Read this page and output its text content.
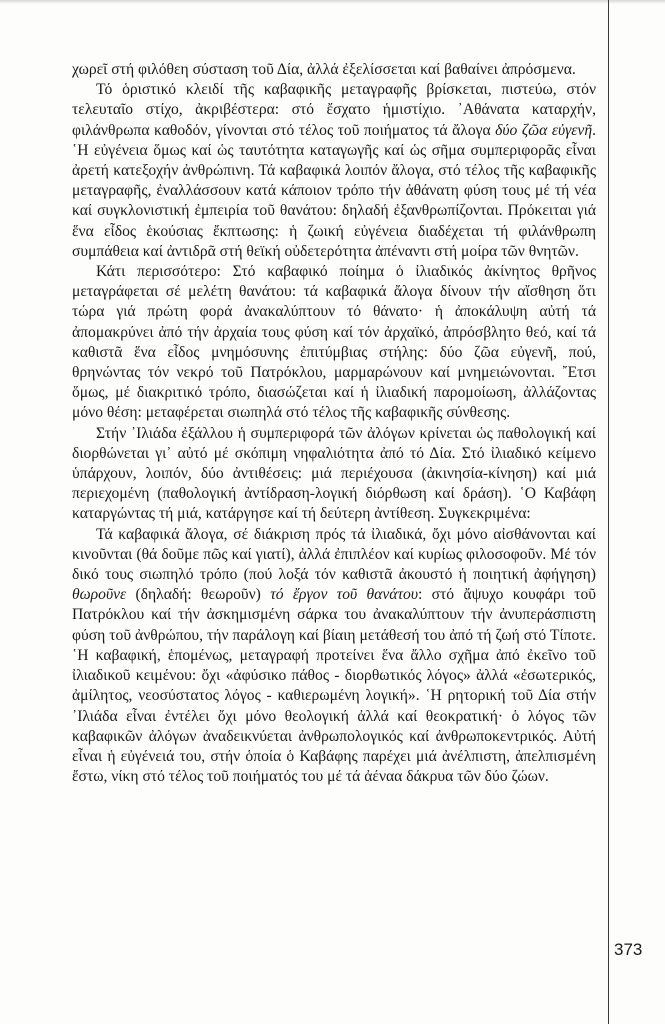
χωρεῖ στή φιλόθεη σύσταση τοῦ Δία, ἀλλά ἐξελίσσεται καί βαθαίνει ἀπρόσμενα.

Τό ὁριστικό κλειδί τῆς καβαφικῆς μεταγραφῆς βρίσκεται, πιστεύω, στόν τελευταῖο στίχο, ἀκριβέστερα: στό ἔσχατο ἡμιστίχιο. ᾿Αθάνατα καταρχήν, φιλάνθρωπα καθοδόν, γίνονται στό τέλος τοῦ ποιήματος τά ἄλογα δύο ζῶα εὐγενῆ. ῾Η εὐγένεια ὅμως καί ὡς ταυτότητα καταγωγῆς καί ὡς σῆμα συμπεριφορᾶς εἶναι ἀρετή κατεξοχήν ἀνθρώπινη. Τά καβαφικά λοιπόν ἄλογα, στό τέλος τῆς καβαφικῆς μεταγραφῆς, ἐναλλάσσουν κατά κάποιον τρόπο τήν ἀθάνατη φύση τους μέ τή νέα καί συγκλονιστική ἐμπειρία τοῦ θανάτου: δηλαδή ἐξανθρωπίζονται. Πρόκειται γιά ἕνα εἶδος ἑκούσιας ἔκπτωσης: ἡ ζωική εὐγένεια διαδέχεται τή φιλάνθρωπη συμπάθεια καί ἀντιδρᾶ στή θεϊκή οὐδετερότητα ἀπέναντι στή μοίρα τῶν θνητῶν.

Κάτι περισσότερο: Στό καβαφικό ποίημα ὁ ἰλιαδικός ἀκίνητος θρῆνος μεταγράφεται σέ μελέτη θανάτου: τά καβαφικά ἄλογα δίνουν τήν αἴσθηση ὅτι τώρα γιά πρώτη φορά ἀνακαλύπτουν τό θάνατο· ἡ ἀποκάλυψη αὐτή τά ἀπομακρύνει ἀπό τήν ἀρχαία τους φύση καί τόν ἀρχαϊκό, ἀπρόσβλητο θεό, καί τά καθιστᾶ ἕνα εἶδος μνημόσυνης ἐπιτύμβιας στήλης: δύο ζῶα εὐγενῆ, πού, θρηνώντας τόν νεκρό τοῦ Πατρόκλου, μαρμαρώνουν καί μνημειώνονται. ῎Ετσι ὅμως, μέ διακριτικό τρόπο, διασώζεται καί ἡ ἰλιαδική παρομοίωση, ἀλλάζοντας μόνο θέση: μεταφέρεται σιωπηλά στό τέλος τῆς καβαφικῆς σύνθεσης.

Στήν ᾿Ιλιάδα ἐξάλλου ἡ συμπεριφορά τῶν ἀλόγων κρίνεται ὡς παθολογική καί διορθώνεται γι᾿ αὐτό μέ σκόπιμη νηφαλιότητα ἀπό τό Δία. Στό ἰλιαδικό κείμενο ὑπάρχουν, λοιπόν, δύο ἀντιθέσεις: μιά περιέχουσα (ἀκινησία-κίνηση) καί μιά περιεχομένη (παθολογική ἀντίδραση-λογική διόρθωση καί δράση). ῾Ο Καβάφη καταργώντας τή μιά, κατάργησε καί τή δεύτερη ἀντίθεση. Συγκεκριμένα:

Τά καβαφικά ἄλογα, σέ διάκριση πρός τά ἰλιαδικά, ὄχι μόνο αἰσθάνονται καί κινοῦνται (θά δοῦμε πῶς καί γιατί), ἀλλά ἐπιπλέον καί κυρίως φιλοσοφοῦν. Μέ τόν δικό τους σιωπηλό τρόπο (πού λοξά τόν καθιστᾶ ἀκουστό ἡ ποιητική ἀφήγηση) θωροῦνε (δηλαδή: θεωροῦν) τό ἔργον τοῦ θανάτου: στό ἄψυχο κουφάρι τοῦ Πατρόκλου καί τήν ἀσκημισμένη σάρκα του ἀνακαλύπτουν τήν ἀνυπεράσπιστη φύση τοῦ ἀνθρώπου, τήν παράλογη καί βίαιη μετάθεσή του ἀπό τή ζωή στό Τίποτε. ῾Η καβαφική, ἑπομένως, μεταγραφή προτείνει ἕνα ἄλλο σχῆμα ἀπό ἐκεῖνο τοῦ ἰλιαδικοῦ κειμένου: ὄχι «ἀφύσικο πάθος - διορθωτικός λόγος» ἀλλά «ἐσωτερικός, ἀμίλητος, νεοσύστατος λόγος - καθιερωμένη λογική». ῾Η ρητορική τοῦ Δία στήν ᾿Ιλιάδα εἶναι ἐντέλει ὄχι μόνο θεολογική ἀλλά καί θεοκρατική· ὁ λόγος τῶν καβαφικῶν ἀλόγων ἀναδεικνύεται ἀνθρωπολογικός καί ἀνθρωποκεντρικός. Αὐτή εἶναι ἡ εὐγένειά του, στήν ὁποία ὁ Καβάφης παρέχει μιά ἀνέλπιστη, ἀπελπισμένη ἔστω, νίκη στό τέλος τοῦ ποιήματός του μέ τά ἀέναα δάκρυα τῶν δύο ζώων.

373
